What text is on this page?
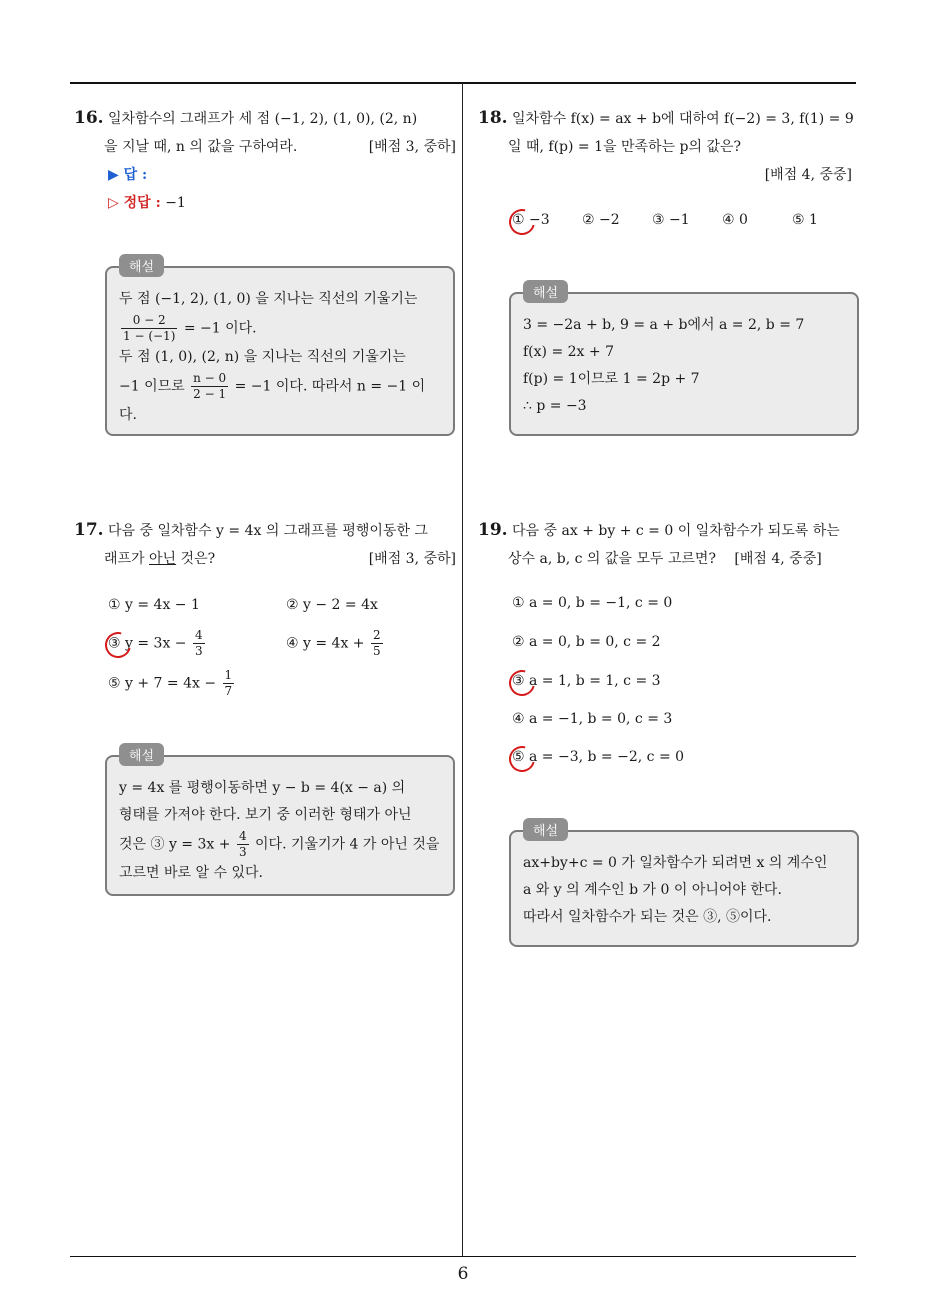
6
16. 일차함수의 그래프가 세 점 (−1, 2), (1, 0), (2, n)
을 지날 때, n 의 값을 구하여라.	[배점 3, 중하]
▶ 답 :
▷ 정답 : −1
해설
두 점 (−1, 2), (1, 0) 을 지나는 직선의 기울기는
$\frac{0 - 2}{1 - (-1)} = -1$ 이다.
두 점 (1, 0), (2, n) 을 지나는 직선의 기울기는
−1 이므로 $\frac{n - 0}{2 - 1} = -1$ 이다. 따라서 n = −1 이
다.
17. 다음 중 일차함수 y = 4x 의 그래프를 평행이동한 그
래프가 아닌 것은?	[배점 3, 중하]
① y = 4x − 1	② y − 2 = 4x
③ $y = 3x - \frac{4}{3}$	④ $y = 4x + \frac{2}{5}$
⑤ $y + 7 = 4x - \frac{1}{7}$
해설
y = 4x 를 평행이동하면 y − b = 4(x − a) 의
형태를 가져야 한다. 보기 중 이러한 형태가 아닌
것은 ③ $y = 3x + \frac{4}{3}$ 이다. 기울기가 4 가 아닌 것을
고르면 바로 알 수 있다.
18. 일차함수 f(x) = ax + b에 대하여 f(−2) = 3, f(1) = 9
일 때, f(p) = 1을 만족하는 p의 값은?
[배점 4, 중중]
① −3 ② −2 ③ −1 ④ 0	⑤ 1
해설
3 = −2a + b, 9 = a + b에서 a = 2, b = 7
f(x) = 2x + 7
f(p) = 1이므로 1 = 2p + 7
∴ p = −3
19. 다음 중 ax + by + c = 0 이 일차함수가 되도록 하는
상수 a, b, c 의 값을 모두 고르면? [배점 4, 중중]
① a = 0, b = −1, c = 0
② a = 0, b = 0, c = 2
③ a = 1, b = 1, c = 3
④ a = −1, b = 0, c = 3
⑤ a = −3, b = −2, c = 0
해설
ax+by+c = 0 가 일차함수가 되려면 x 의 계수인
a 와 y 의 계수인 b 가 0 이 아니어야 한다.
따라서 일차함수가 되는 것은 ③, ⑤이다.
